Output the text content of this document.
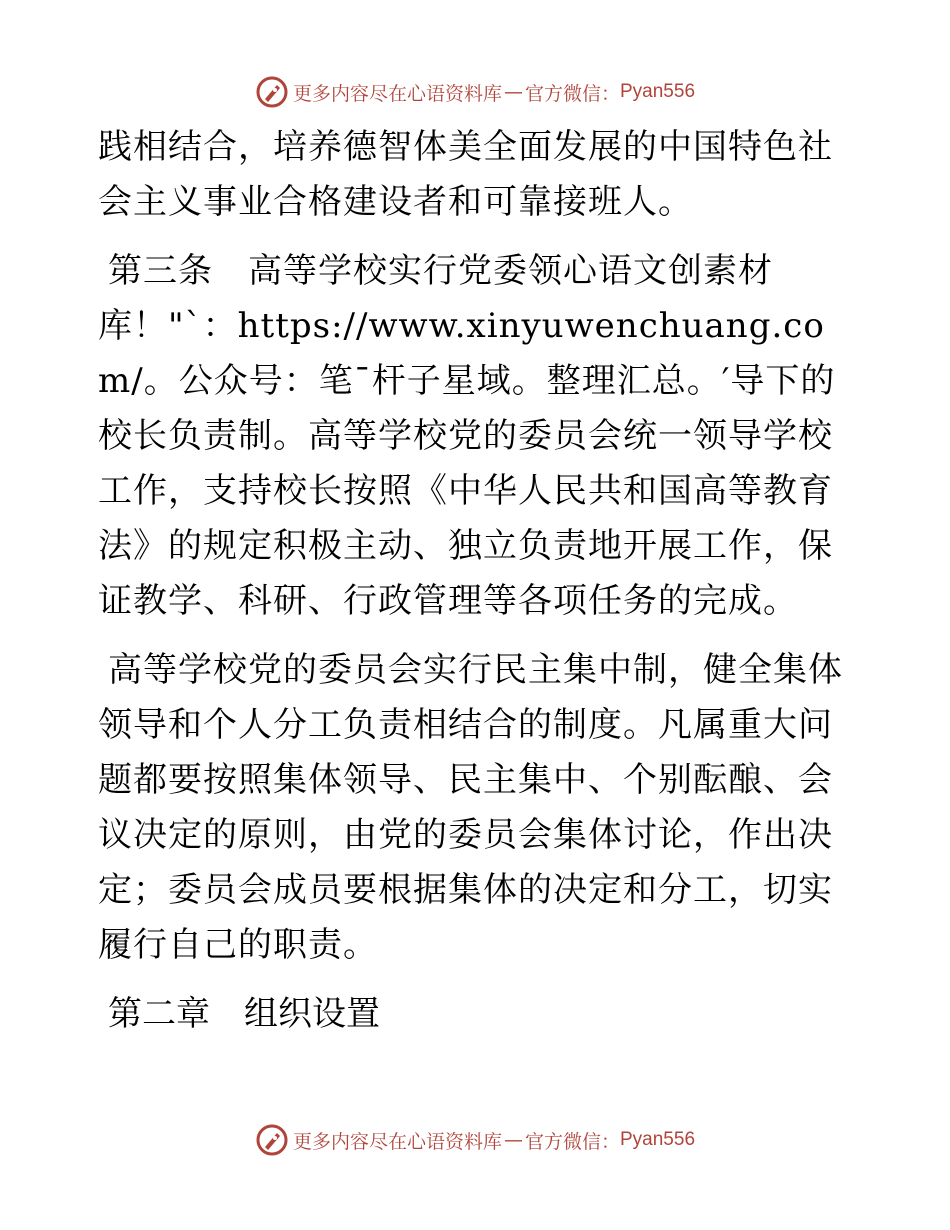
更多内容尽在心语资料库 — 官方微信： Pyan556

践相结合，培养德智体美全面发展的中国特色社会主义事业合格建设者和可靠接班人。

第三条　高等学校实行党委领心语文创素材库！"`：https://www.xinyuwenchuang.com/。公众号：笔¯杆子星域。整理汇总。′导下的校长负责制。高等学校党的委员会统一领导学校工作，支持校长按照《中华人民共和国高等教育法》的规定积极主动、独立负责地开展工作，保证教学、科研、行政管理等各项任务的完成。

高等学校党的委员会实行民主集中制，健全集体领导和个人分工负责相结合的制度。凡属重大问题都要按照集体领导、民主集中、个别酝酿、会议决定的原则，由党的委员会集体讨论，作出决定；委员会成员要根据集体的决定和分工，切实履行自己的职责。

第二章　组织设置

更多内容尽在心语资料库 — 官方微信： Pyan556
